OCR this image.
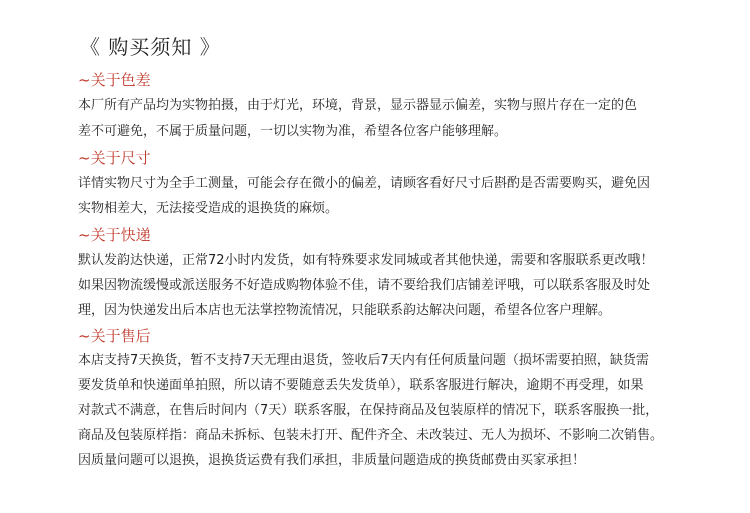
《 购买须知 》
~关于色差
本厂所有产品均为实物拍摄，由于灯光，环境，背景，显示器显示偏差，实物与照片存在一定的色
差不可避免，不属于质量问题，一切以实物为准，希望各位客户能够理解。
~关于尺寸
详情实物尺寸为全手工测量，可能会存在微小的偏差，请顾客看好尺寸后斟酌是否需要购买，避免因
实物相差大，无法接受造成的退换货的麻烦。
~关于快递
默认发韵达快递，正常72小时内发货，如有特殊要求发同城或者其他快递，需要和客服联系更改哦！
如果因物流缓慢或派送服务不好造成购物体验不佳，请不要给我们店铺差评哦，可以联系客服及时处
理，因为快递发出后本店也无法掌控物流情况，只能联系韵达解决问题，希望各位客户理解。
~关于售后
本店支持7天换货，暂不支持7天无理由退货，签收后7天内有任何质量问题（损坏需要拍照，缺货需
要发货单和快递面单拍照，所以请不要随意丢失发货单），联系客服进行解决，逾期不再受理，如果
对款式不满意，在售后时间内（7天）联系客服，在保持商品及包装原样的情况下，联系客服换一批，
商品及包装原样指：商品未拆标、包装未打开、配件齐全、未改装过、无人为损坏、不影响二次销售。
因质量问题可以退换，退换货运费有我们承担，非质量问题造成的换货邮费由买家承担！
